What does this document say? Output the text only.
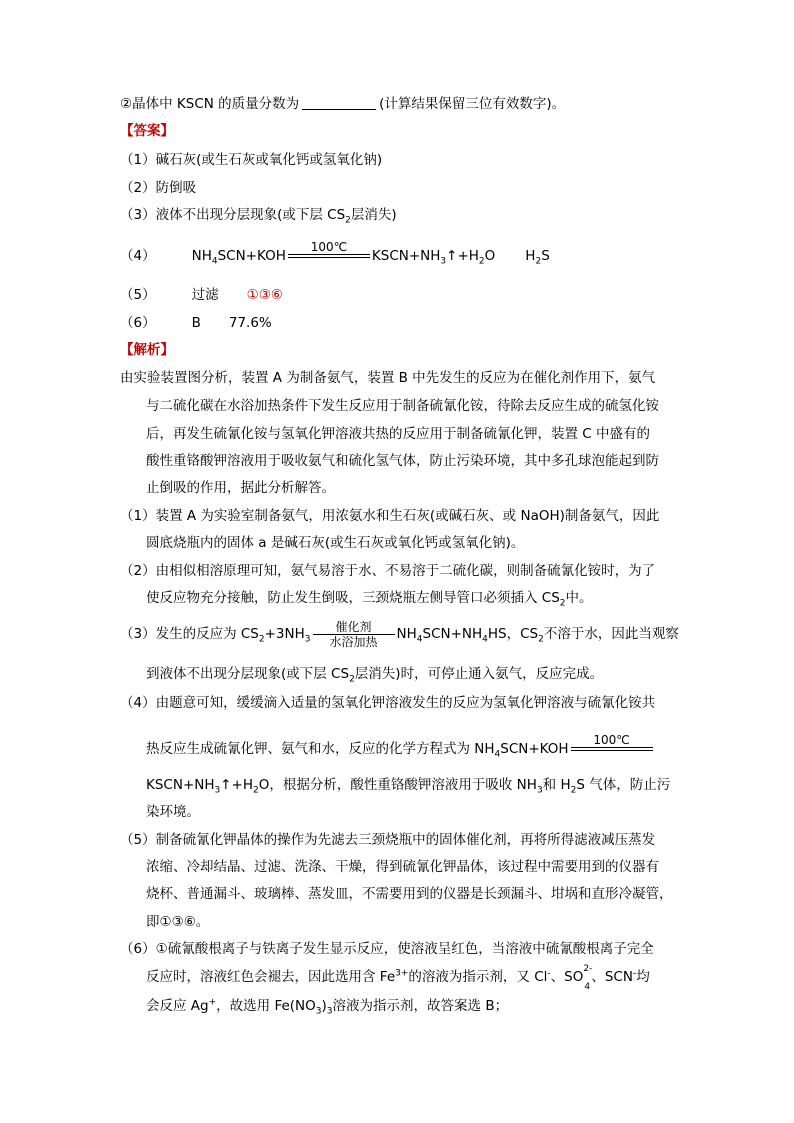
②晶体中 KSCN 的质量分数为	(计算结果保留三位有效数字)。
【答案】
（1）碱石灰(或生石灰或氧化钙或氢氧化钠)
（2）防倒吸
（3）液体不出现分层现象(或下层 $CS_2$层消失)
（4）	$NH_4SCN+KOH$
100℃

$KSCN+NH_3↑+H_2O$ $H_2S$
（5）	过滤 ①③⑥
（6）	B 77.6%
【解析】
由实验装置图分析，装置 A 为制备氨气，装置 B 中先发生的反应为在催化剂作用下，氨气
与二硫化碳在水浴加热条件下发生反应用于制备硫氰化铵，待除去反应生成的硫氢化铵
后，再发生硫氰化铵与氢氧化钾溶液共热的反应用于制备硫氰化钾，装置 C 中盛有的
酸性重铬酸钾溶液用于吸收氨气和硫化氢气体，防止污染环境，其中多孔球泡能起到防
止倒吸的作用，据此分析解答。
（1）装置 A 为实验室制备氨气，用浓氨水和生石灰(或碱石灰、或 NaOH)制备氨气，因此
圆底烧瓶内的固体 a 是碱石灰(或生石灰或氧化钙或氢氧化钠)。
（2）由相似相溶原理可知，氨气易溶于水、不易溶于二硫化碳，则制备硫氰化铵时，为了
使反应物充分接触，防止发生倒吸，三颈烧瓶左侧导管口必须插入 $CS_2$中。
（3）发生的反应为 $CS_2+3NH_3$
催化剂
水浴加热	$NH_4SCN+NH_4HS$，$CS_2$不溶于水，因此当观察
到液体不出现分层现象(或下层 $CS_2$层消失)时，可停止通入氨气，反应完成。
（4）由题意可知，缓缓滴入适量的氢氧化钾溶液发生的反应为氢氧化钾溶液与硫氰化铵共
热反应生成硫氰化钾、氨气和水，反应的化学方程式为 $NH_4SCN+KOH$
100℃

$KSCN+NH_3↑+H_2O$，根据分析，酸性重铬酸钾溶液用于吸收 $NH_3$和 $H_2S$ 气体，防止污
染环境。
（5）制备硫氰化钾晶体的操作为先滤去三颈烧瓶中的固体催化剂，再将所得滤液减压蒸发
浓缩、冷却结晶、过滤、洗涤、干燥，得到硫氰化钾晶体，该过程中需要用到的仪器有
烧杯、普通漏斗、玻璃棒、蒸发皿，不需要用到的仪器是长颈漏斗、坩埚和直形冷凝管，
即①③⑥。
（6）①硫氰酸根离子与铁离子发生显示反应，使溶液呈红色，当溶液中硫氰酸根离子完全
反应时，溶液红色会褪去，因此选用含 $Fe^{3+}$的溶液为指示剂，又 Cl-、SO 2-
4
、SCN-均
会反应 Ag+，故选用 $Fe(NO_3)_3$溶液为指示剂，故答案选 B；
